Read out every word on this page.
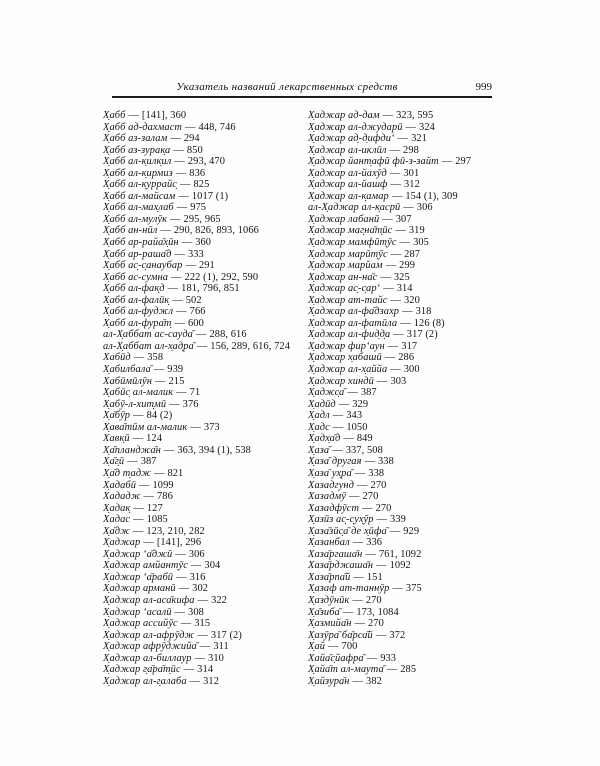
Указатель названий лекарственных средств	999
Х̣абб — [141], 360
Х̣абб ад-дахмаст — 448, 746
Х̣абб аз-залам — 294
Х̣абб аз-зурак̣а — 850
Х̣абб ал-к̣илк̣ил — 293, 470
Х̣абб ал-к̣ирмиз — 836
Х̣абб ал-к̣уррайс̣ — 825
Х̣абб ал-майсам — 1017 (1)
Х̣абб ал-мах̣лаб — 975
Х̣абб ал-мулӯк — 295, 965
Х̣абб ан-нӣл — 290, 826, 893, 1066
Х̣абб ар-райа̄х̣ӣн — 360
Х̣абб ар-раша̄д — 333
Х̣абб ас̣-с̣анаубар — 291
Х̣абб ас-сумна — 222 (1), 292, 590
Х̣абб ал-фак̣д — 181, 796, 851
Х̣абб ал-фалӣк̣ — 502
Х̣абб ал-фуджл — 766
Х̣абб ал-фура̄т̣ — 600
ал-Х̣аббат ас-сауда̄ — 288, 616
ал-Х̣аббат ал-х̣ад̣ра̄ — 156, 289, 616, 724
Хабӣд — 358
Х̣абилбала̄ — 939
Хабӣмӣлӯн — 215
Х̣абӣс̣ ал-малик — 71
Х̣абӯ-л-хит̣мӣ — 376
Х̣а̄бӯр — 84 (2)
Х̣ава̄тӣм ал-малик — 373
Хавк̣ӣ — 124
Х̣а̄планджа̄н — 363, 394 (1), 538
Х̣а̄г̣ӣ — 387
Х̣а̄д т̣адж — 821
Х̣адабӣ — 1099
Хададж — 786
Х̣адак̣ — 127
Хадас — 1085
Х̣а̄дж — 123, 210, 282
Х̣аджар — [141], 296
Х̣аджар ʻа̄джӣ — 306
Х̣аджар амйант̣ӯс — 304
Х̣аджар ʻа̄рабӣ — 316
Х̣аджар арманӣ — 302
Х̣аджар ал-аса̄кифа — 322
Х̣аджар ʻасалӣ — 308
Х̣аджар ассийӯс — 315
Х̣аджар ал-афрӯдж — 317 (2)
Х̣аджар афрӯджийа̄ — 311
Х̣аджар ал-биллаур — 310
Х̣аджар г̣а̄ра̄т̣ӣс — 314
Х̣аджар ал-г̣алаба — 312
Х̣аджар ад-дам — 323, 595
Х̣аджар ал-джударӣ — 324
Х̣аджар ад̣-д̣ифдиʻ — 321
Х̣аджар ал-иклӣл — 298
Х̣аджар йант̣афӣ фӣ-з-зайт — 297
Х̣аджар ал-йахӯд — 301
Х̣аджар ал-йашф — 312
Х̣аджар ал-к̣амар — 154 (1), 309
ал-Х̣аджар ал-к̣асрӣ — 306
Х̣аджар лабанӣ — 307
Х̣аджар маг̣на̄т̣ӣс — 319
Х̣аджар мамфӣт̣ӯс — 305
Х̣аджар марӣт̣ӯс — 287
Х̣аджар марйам — 299
Х̣аджар ан-на̄с — 325
Х̣аджар ас̣-с̣арʻ — 314
Х̣аджар ат-тайс — 320
Х̣аджар ал-фа̄дзахр — 318
Х̣аджар ал-фатӣла — 126 (8)
Х̣аджар ал-фид̣д̣а — 317 (2)
Х̣аджар фирʻаун — 317
Х̣аджар х̣абашӣ — 286
Х̣аджар ал-х̣аййа — 300
Х̣аджар хиндӣ — 303
Х̣аджс̣а̄ — 387
Х̣адӣд — 329
Х̣адл — 343
Х̣адс — 1050
Х̣адх̣а̄д — 849
Х̣аза̄ — 337, 508
Х̣аза̄ другая — 338
Х̣аза̄ ух̣ра̄ — 338
Хазадгунд — 270
Хазадмӯ — 270
Хазадфӯст — 270
Х̣азӣз ас̣-с̣ух̣ӯр — 339
Х̣аза̄зӣс̣а̄ де х̣ӣфа̄ — 929
Х̣азанбал — 336
Хаза̄ргаша̄н — 761, 1092
Хаза̄рджаша̄н — 1092
Хаза̄рпа̄й — 151
Х̣азаф ат-таннӯр — 375
Х̣аздӯнӣк — 270
Х̣а̄зиба̄ — 173, 1084
Х̣азмийа̄н — 270
Х̣азӯра̄ ба̄рса̄й — 372
Х̣ай — 700
Хайа̄с̣йафра̄ — 933
Х̣айа̄т ал-маута̄ — 285
Х̣айзура̄н — 382
